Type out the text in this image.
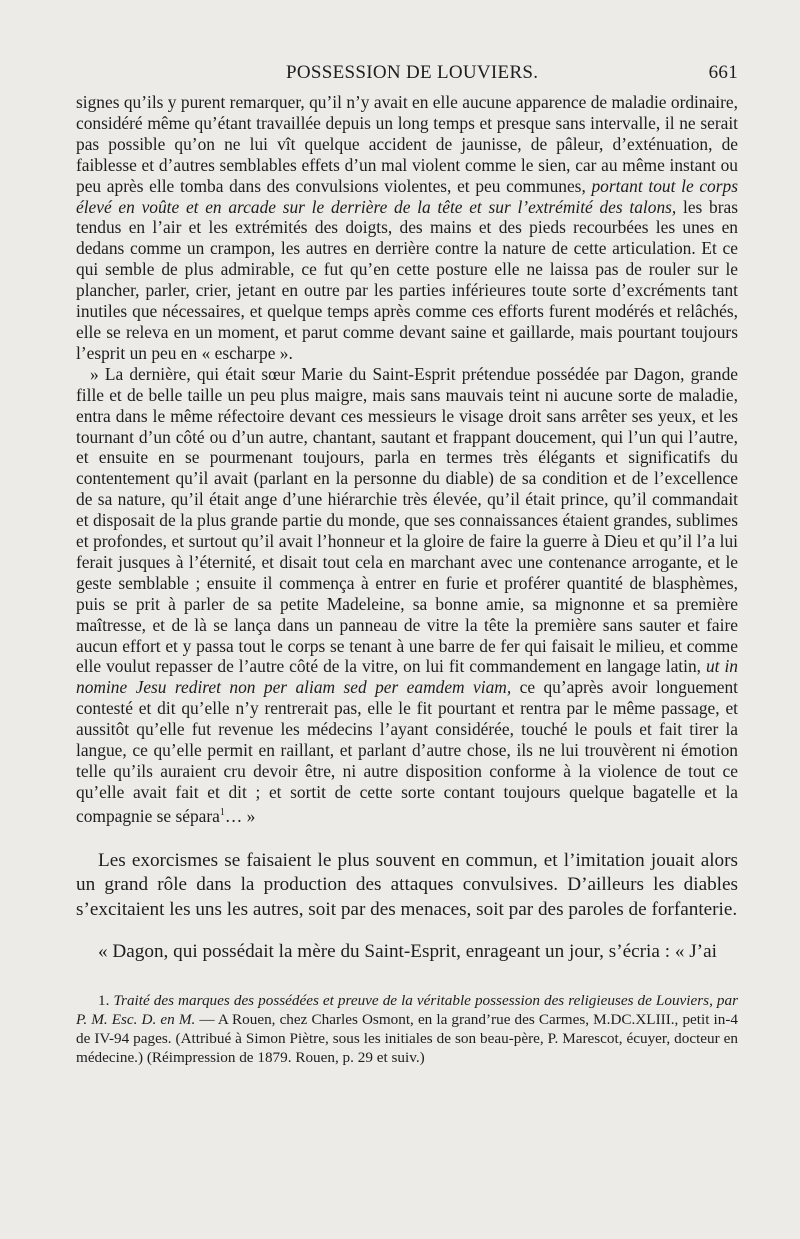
POSSESSION DE LOUVIERS.	661

signes qu’ils y purent remarquer, qu’il n’y avait en elle aucune apparence de maladie ordinaire, considéré même qu’étant travaillée depuis un long temps et presque sans intervalle, il ne serait pas possible qu’on ne lui vît quelque accident de jaunisse, de pâleur, d’exténuation, de faiblesse et d’autres semblables effets d’un mal violent comme le sien, car au même instant ou peu après elle tomba dans des convulsions violentes, et peu communes, portant tout le corps élevé en voûte et en arcade sur le derrière de la tête et sur l’extrémité des talons, les bras tendus en l’air et les extrémités des doigts, des mains et des pieds recourbées les unes en dedans comme un crampon, les autres en derrière contre la nature de cette articulation. Et ce qui semble de plus admirable, ce fut qu’en cette posture elle ne laissa pas de rouler sur le plancher, parler, crier, jetant en outre par les parties inférieures toute sorte d’excréments tant inutiles que nécessaires, et quelque temps après comme ces efforts furent modérés et relâchés, elle se releva en un moment, et parut comme devant saine et gaillarde, mais pourtant toujours l’esprit un peu en « escharpe ».

» La dernière, qui était sœur Marie du Saint-Esprit prétendue possédée par Dagon, grande fille et de belle taille un peu plus maigre, mais sans mauvais teint ni aucune sorte de maladie, entra dans le même réfectoire devant ces messieurs le visage droit sans arrêter ses yeux, et les tournant d’un côté ou d’un autre, chantant, sautant et frappant doucement, qui l’un qui l’autre, et ensuite en se pourmenant toujours, parla en termes très élégants et significatifs du contentement qu’il avait (parlant en la personne du diable) de sa condition et de l’excellence de sa nature, qu’il était ange d’une hiérarchie très élevée, qu’il était prince, qu’il commandait et disposait de la plus grande partie du monde, que ses connaissances étaient grandes, sublimes et profondes, et surtout qu’il avait l’honneur et la gloire de faire la guerre à Dieu et qu’il l’a lui ferait jusques à l’éternité, et disait tout cela en marchant avec une contenance arrogante, et le geste semblable ; ensuite il commença à entrer en furie et proférer quantité de blasphèmes, puis se prit à parler de sa petite Madeleine, sa bonne amie, sa mignonne et sa première maîtresse, et de là se lança dans un panneau de vitre la tête la première sans sauter et faire aucun effort et y passa tout le corps se tenant à une barre de fer qui faisait le milieu, et comme elle voulut repasser de l’autre côté de la vitre, on lui fit commandement en langage latin, ut in nomine Jesu rediret non per aliam sed per eamdem viam, ce qu’après avoir longuement contesté et dit qu’elle n’y rentrerait pas, elle le fit pourtant et rentra par le même passage, et aussitôt qu’elle fut revenue les médecins l’ayant considérée, touché le pouls et fait tirer la langue, ce qu’elle permit en raillant, et parlant d’autre chose, ils ne lui trouvèrent ni émotion telle qu’ils auraient cru devoir être, ni autre disposition conforme à la violence de tout ce qu’elle avait fait et dit ; et sortit de cette sorte contant toujours quelque bagatelle et la compagnie se sépara$^1$… »

Les exorcismes se faisaient le plus souvent en commun, et l’imitation jouait alors un grand rôle dans la production des attaques convulsives. D’ailleurs les diables s’excitaient les uns les autres, soit par des menaces, soit par des paroles de forfanterie.

« Dagon, qui possédait la mère du Saint-Esprit, enrageant un jour, s’écria : « J’ai

1. Traité des marques des possédées et preuve de la véritable possession des religieuses de Louviers, par P. M. Esc. D. en M. — A Rouen, chez Charles Osmont, en la grand’rue des Carmes, M.DC.XLIII., petit in-4 de IV-94 pages. (Attribué à Simon Piètre, sous les initiales de son beau-père, P. Marescot, écuyer, docteur en médecine.) (Réimpression de 1879. Rouen, p. 29 et suiv.)
